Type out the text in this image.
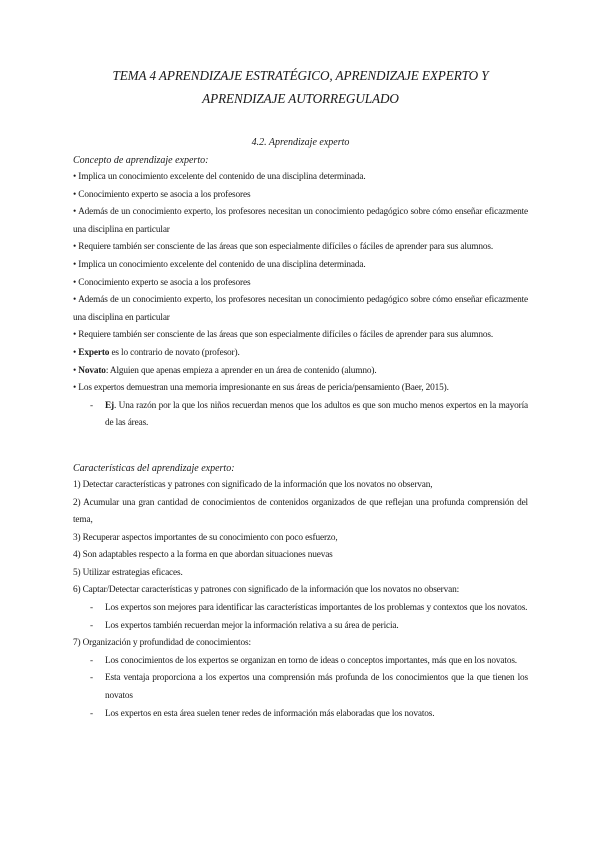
TEMA 4 APRENDIZAJE ESTRATÉGICO, APRENDIZAJE EXPERTO Y
APRENDIZAJE AUTORREGULADO
4.2. Aprendizaje experto
Concepto de aprendizaje experto:
• Implica un conocimiento excelente del contenido de una disciplina determinada.
• Conocimiento experto se asocia a los profesores
• Además de un conocimiento experto, los profesores necesitan un conocimiento pedagógico sobre cómo enseñar eficazmente una disciplina en particular
• Requiere también ser consciente de las áreas que son especialmente difíciles o fáciles de aprender para sus alumnos.
• Implica un conocimiento excelente del contenido de una disciplina determinada.
• Conocimiento experto se asocia a los profesores
• Además de un conocimiento experto, los profesores necesitan un conocimiento pedagógico sobre cómo enseñar eficazmente una disciplina en particular
• Requiere también ser consciente de las áreas que son especialmente difíciles o fáciles de aprender para sus alumnos.
• Experto es lo contrario de novato (profesor).
• Novato: Alguien que apenas empieza a aprender en un área de contenido (alumno).
• Los expertos demuestran una memoria impresionante en sus áreas de pericia/pensamiento (Baer, 2015).
- Ej. Una razón por la que los niños recuerdan menos que los adultos es que son mucho menos expertos en la mayoría de las áreas.
Características del aprendizaje experto:
1) Detectar características y patrones con significado de la información que los novatos no observan,
2) Acumular una gran cantidad de conocimientos de contenidos organizados de que reflejan una profunda comprensión del tema,
3) Recuperar aspectos importantes de su conocimiento con poco esfuerzo,
4) Son adaptables respecto a la forma en que abordan situaciones nuevas
5) Utilizar estrategias eficaces.
6) Captar/Detectar características y patrones con significado de la información que los novatos no observan:
- Los expertos son mejores para identificar las características importantes de los problemas y contextos que los novatos.
- Los expertos también recuerdan mejor la información relativa a su área de pericia.
7) Organización y profundidad de conocimientos:
- Los conocimientos de los expertos se organizan en torno de ideas o conceptos importantes, más que en los novatos.
- Esta ventaja proporciona a los expertos una comprensión más profunda de los conocimientos que la que tienen los novatos
- Los expertos en esta área suelen tener redes de información más elaboradas que los novatos.
